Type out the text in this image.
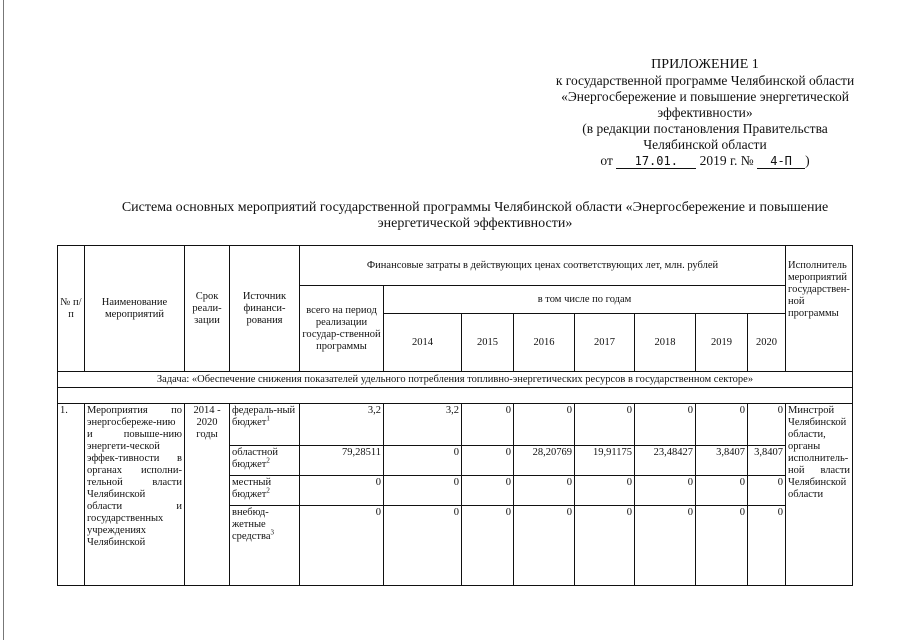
ПРИЛОЖЕНИЕ 1
к государственной программе Челябинской области
«Энергосбережение и повышение энергетической
эффективности»
(в редакции постановления Правительства
Челябинской области
от 17.01. 2019 г. № 4-П )
Система основных мероприятий государственной программы Челябинской области «Энергосбережение и повышение
энергетической эффективности»
№ п/п	Наименование мероприятий	Срок реали-зации	Источник финанси-рования	Финансовые затраты в действующих ценах соответствующих лет, млн. рублей								Исполнитель мероприятий государствен-ной программы
				всего на период реализации государ-ственной программы	в том числе по годам							
					2014	2015	2016	2017	2018	2019	2020	
Задача: «Обеспечение снижения показателей удельного потребления топливно-энергетических ресурсов в государственном секторе»												

1.	Мероприятия по энергосбереже-нию и повыше-нию энергети-ческой эффек-тивности в органах исполни-тельной власти Челябинской области и государственных учреждениях Челябинской	2014 - 2020 годы	федераль-ный бюджет$^1$	3,2	3,2	0	0	0	0	0	0	Минстрой Челябинской области, органы исполнитель-ной власти Челябинской области
			областной бюджет$^2$	79,28511	0	0	28,20769	19,91175	23,48427	3,8407	3,8407	
			местный бюджет$^2$	0	0	0	0	0	0	0	0	
			внебюд-жетные средства$^3$	0	0	0	0	0	0	0	0	
